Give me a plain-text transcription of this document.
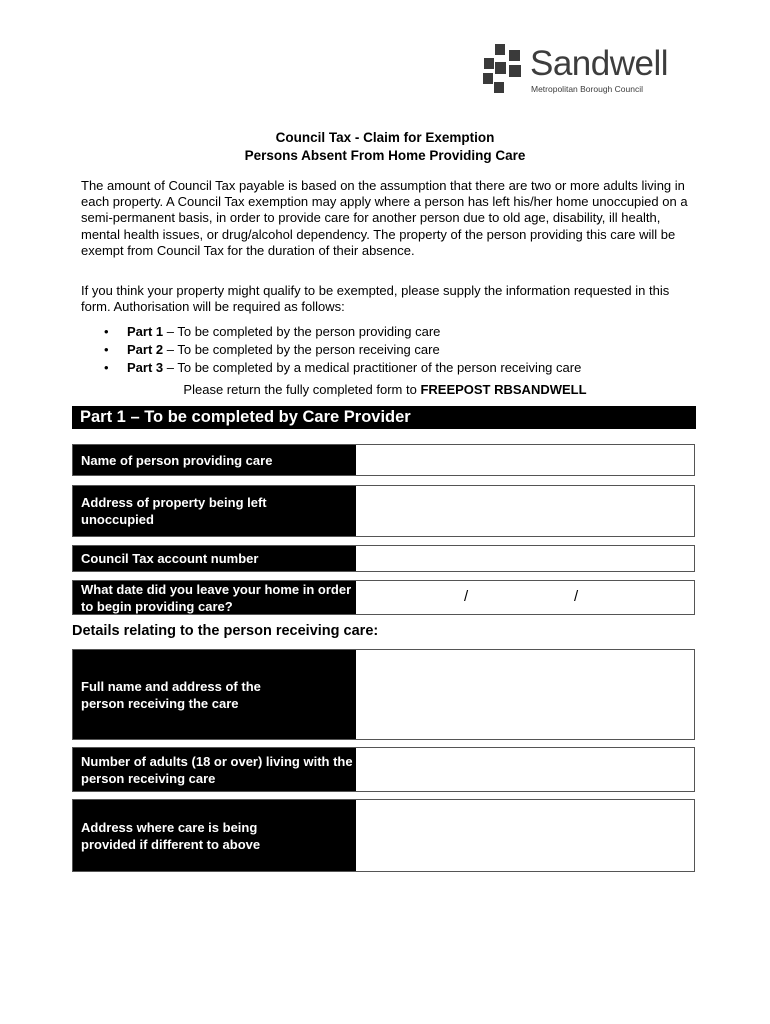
Sandwell
Metropolitan Borough Council
Council Tax - Claim for Exemption
Persons Absent From Home Providing Care
The amount of Council Tax payable is based on the assumption that there are two or more adults living in each property. A Council Tax exemption may apply where a person has left his/her home unoccupied on a semi-permanent basis, in order to provide care for another person due to old age, disability, ill health, mental health issues, or drug/alcohol dependency. The property of the person providing this care will be exempt from Council Tax for the duration of their absence.
If you think your property might qualify to be exempted, please supply the information requested in this form. Authorisation will be required as follows:
• Part 1 – To be completed by the person providing care
• Part 2 – To be completed by the person receiving care
• Part 3 – To be completed by a medical practitioner of the person receiving care
Please return the fully completed form to FREEPOST RBSANDWELL
Part 1 – To be completed by Care Provider
Name of person providing care
Address of property being left unoccupied
Council Tax account number
What date did you leave your home in order to begin providing care?
/	/
Details relating to the person receiving care:
Full name and address of the person receiving the care
Number of adults (18 or over) living with the person receiving care
Address where care is being provided if different to above
